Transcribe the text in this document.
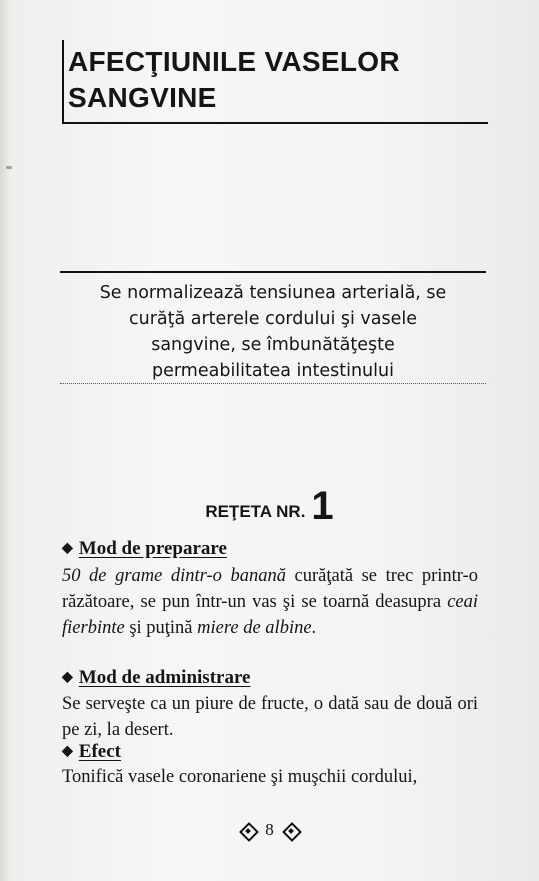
AFECŢIUNILE VASELOR
SANGVINE

Se normalizează tensiunea arterială, se
curăţă arterele cordului şi vasele
sangvine, se îmbunătăţeşte
permeabilitatea intestinului

REŢETA NR. 1
◆ Mod de preparare

50 de grame dintr-o banană curăţată se trec printr-o răzătoare, se pun într-un vas şi se toarnă deasupra ceai fierbinte şi puţină miere de albine.

◆ Mod de administrare

Se serveşte ca un piure de fructe, o dată sau de două ori pe zi, la desert.

◆ Efect

Tonifică vasele coronariene şi muşchii cordului,

8
